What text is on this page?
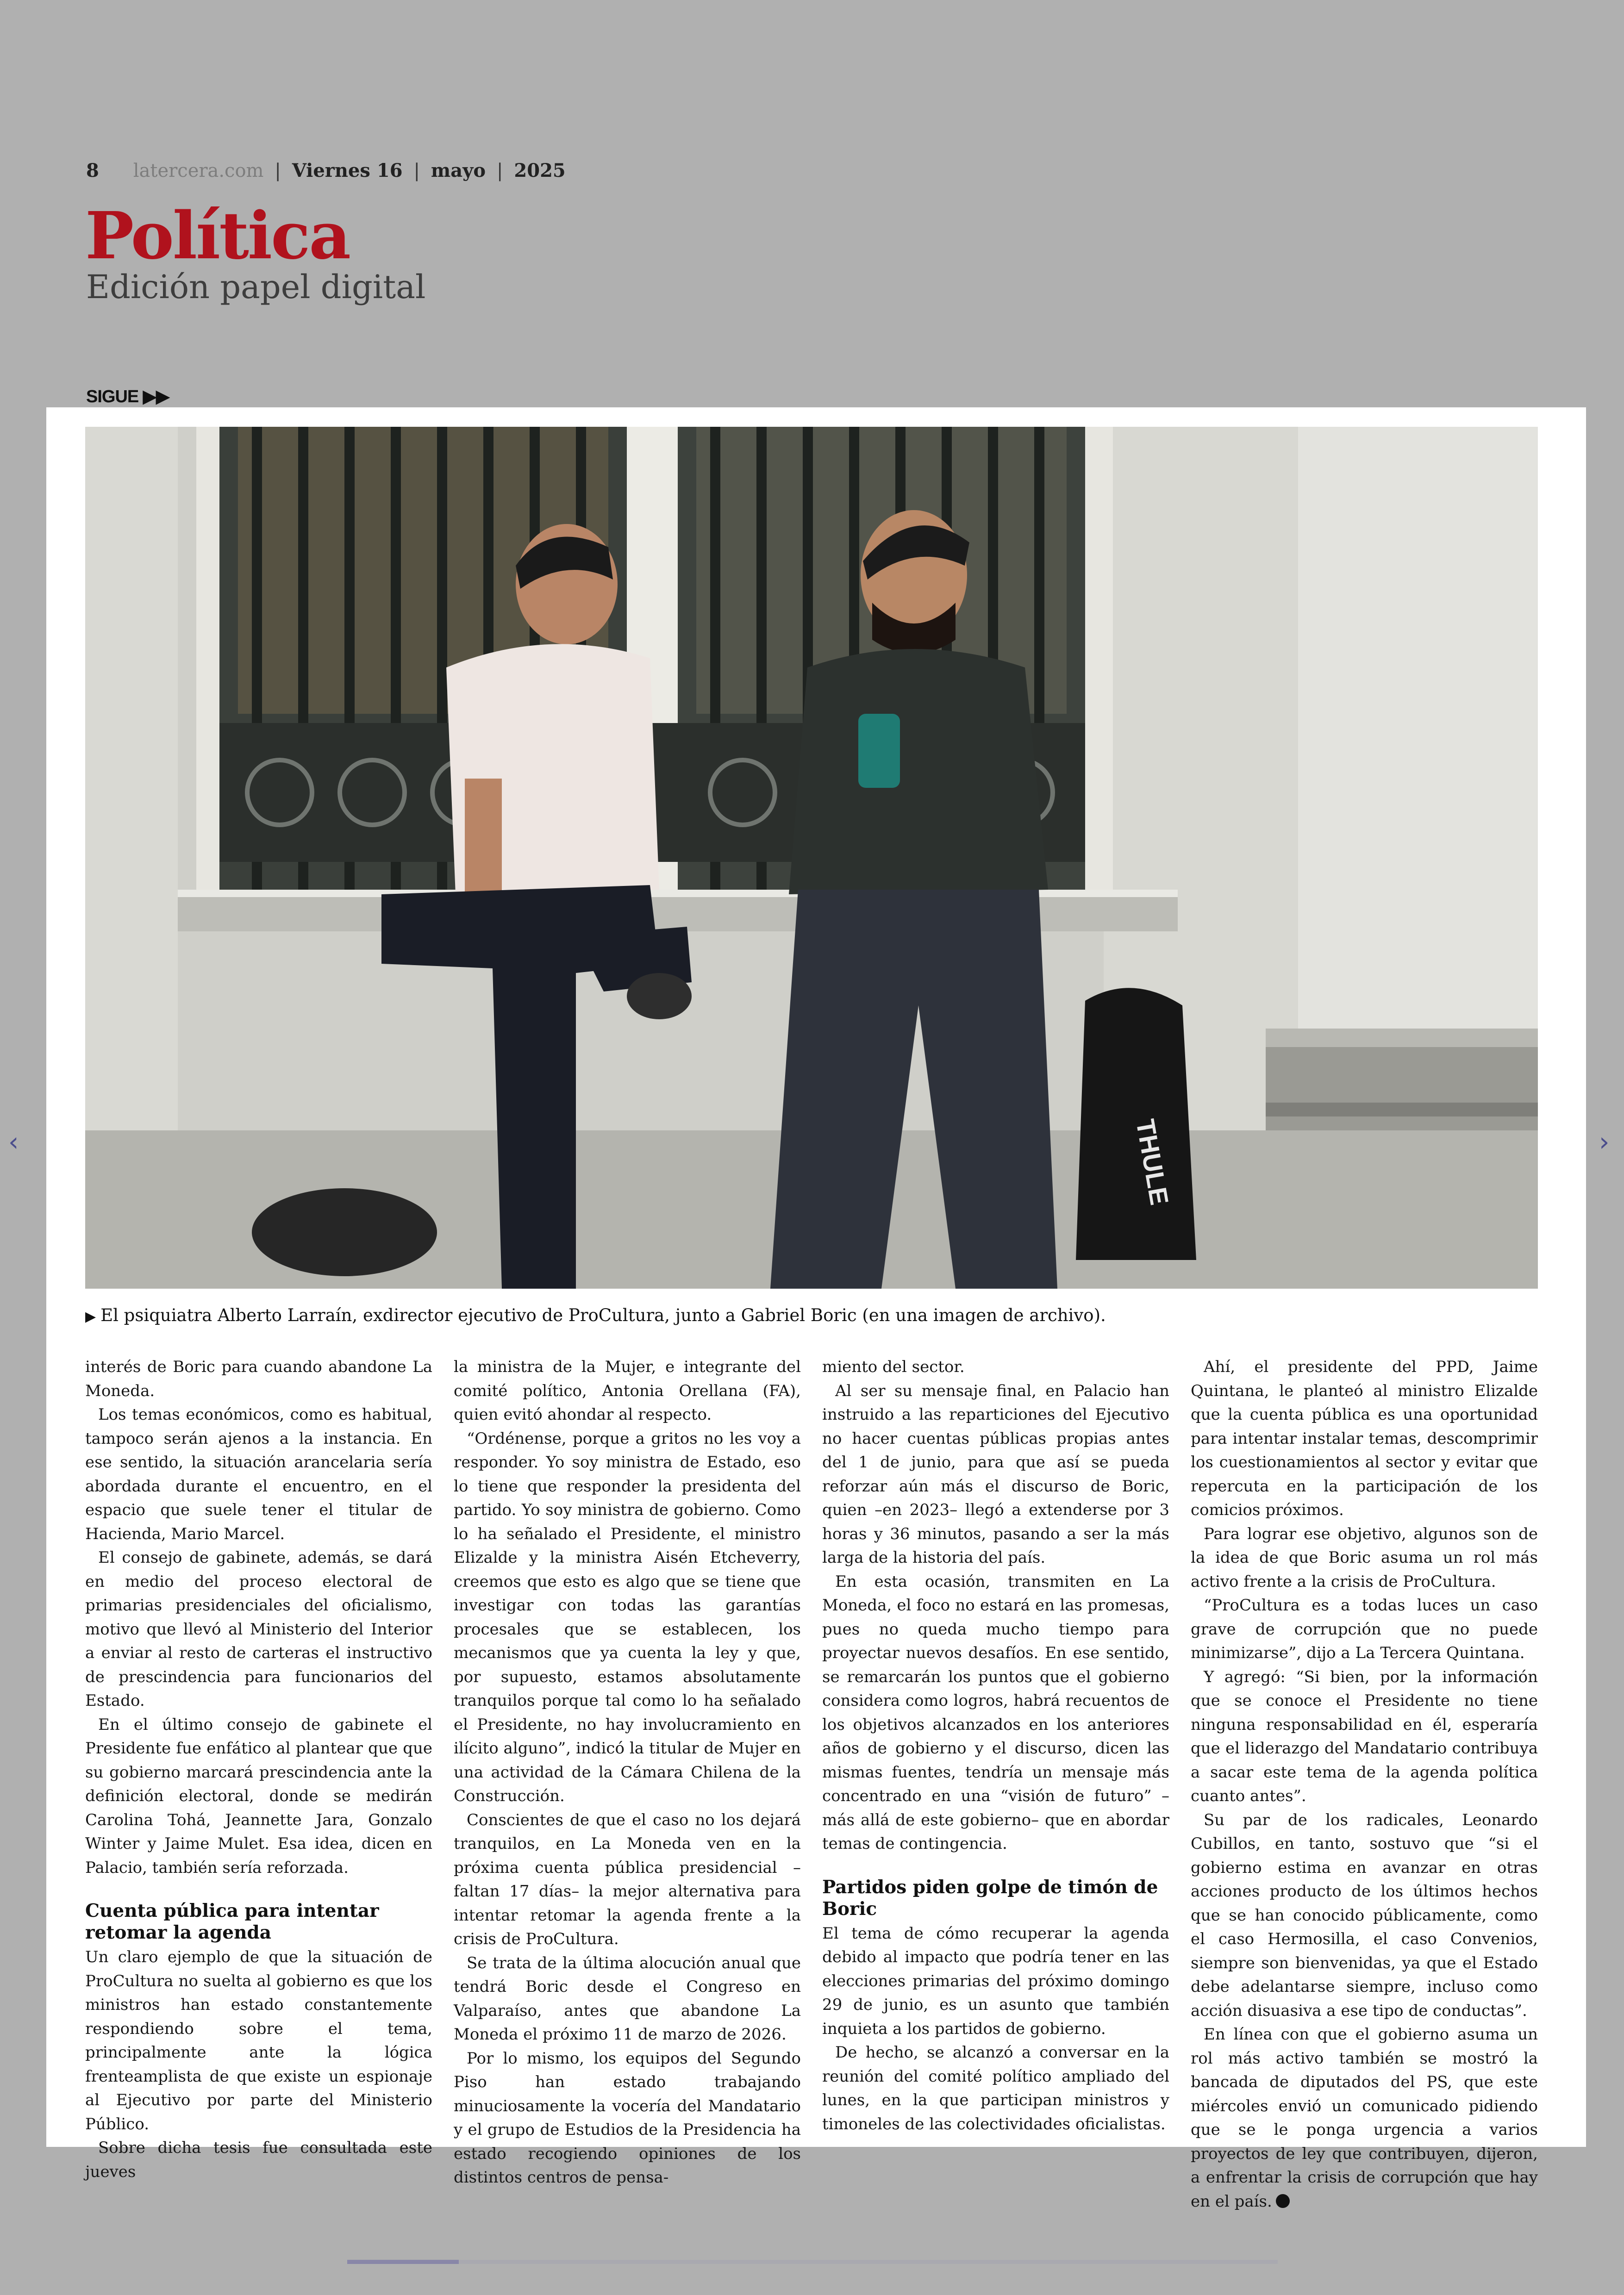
8 latercera.com | Viernes 16 | mayo | 2025
Política
Edición papel digital
SIGUE ▶▶
THULE
▶ El psiquiatra Alberto Larraín, exdirector ejecutivo de ProCultura, junto a Gabriel Boric (en una imagen de archivo).

interés de Boric para cuando abandone La Moneda.

Los temas económicos, como es habitual, tampoco serán ajenos a la instancia. En ese sentido, la situación arancelaria sería abordada durante el encuentro, en el espacio que suele tener el titular de Hacienda, Mario Marcel.

El consejo de gabinete, además, se dará en medio del proceso electoral de primarias presidenciales del oficialismo, motivo que llevó al Ministerio del Interior a enviar al resto de carteras el instructivo de prescindencia para funcionarios del Estado.

En el último consejo de gabinete el Presidente fue enfático al plantear que que su gobierno marcará prescindencia ante la definición electoral, donde se medirán Carolina Tohá, Jeannette Jara, Gonzalo Winter y Jaime Mulet. Esa idea, dicen en Palacio, también sería reforzada.

Cuenta pública para intentar retomar la agenda

Un claro ejemplo de que la situación de ProCultura no suelta al gobierno es que los ministros han estado constantemente respondiendo sobre el tema, principalmente ante la lógica frenteamplista de que existe un espionaje al Ejecutivo por parte del Ministerio Público.

Sobre dicha tesis fue consultada este jueves

la ministra de la Mujer, e integrante del comité político, Antonia Orellana (FA), quien evitó ahondar al respecto.

“Ordénense, porque a gritos no les voy a responder. Yo soy ministra de Estado, eso lo tiene que responder la presidenta del partido. Yo soy ministra de gobierno. Como lo ha señalado el Presidente, el ministro Elizalde y la ministra Aisén Etcheverry, creemos que esto es algo que se tiene que investigar con todas las garantías procesales que se establecen, los mecanismos que ya cuenta la ley y que, por supuesto, estamos absolutamente tranquilos porque tal como lo ha señalado el Presidente, no hay involucramiento en ilícito alguno”, indicó la titular de Mujer en una actividad de la Cámara Chilena de la Construcción.

Conscientes de que el caso no los dejará tranquilos, en La Moneda ven en la próxima cuenta pública presidencial –faltan 17 días– la mejor alternativa para intentar retomar la agenda frente a la crisis de ProCultura.

Se trata de la última alocución anual que tendrá Boric desde el Congreso en Valparaíso, antes que abandone La Moneda el próximo 11 de marzo de 2026.

Por lo mismo, los equipos del Segundo Piso han estado trabajando minuciosamente la vocería del Mandatario y el grupo de Estudios de la Presidencia ha estado recogiendo opiniones de los distintos centros de pensa-

miento del sector.

Al ser su mensaje final, en Palacio han instruido a las reparticiones del Ejecutivo no hacer cuentas públicas propias antes del 1 de junio, para que así se pueda reforzar aún más el discurso de Boric, quien –en 2023– llegó a extenderse por 3 horas y 36 minutos, pasando a ser la más larga de la historia del país.

En esta ocasión, transmiten en La Moneda, el foco no estará en las promesas, pues no queda mucho tiempo para proyectar nuevos desafíos. En ese sentido, se remarcarán los puntos que el gobierno considera como logros, habrá recuentos de los objetivos alcanzados en los anteriores años de gobierno y el discurso, dicen las mismas fuentes, tendría un mensaje más concentrado en una “visión de futuro” –más allá de este gobierno– que en abordar temas de contingencia.

Partidos piden golpe de timón de Boric

El tema de cómo recuperar la agenda debido al impacto que podría tener en las elecciones primarias del próximo domingo 29 de junio, es un asunto que también inquieta a los partidos de gobierno.

De hecho, se alcanzó a conversar en la reunión del comité político ampliado del lunes, en la que participan ministros y timoneles de las colectividades oficialistas.

Ahí, el presidente del PPD, Jaime Quintana, le planteó al ministro Elizalde que la cuenta pública es una oportunidad para intentar instalar temas, descomprimir los cuestionamientos al sector y evitar que repercuta en la participación de los comicios próximos.

Para lograr ese objetivo, algunos son de la idea de que Boric asuma un rol más activo frente a la crisis de ProCultura.

“ProCultura es a todas luces un caso grave de corrupción que no puede minimizarse”, dijo a La Tercera Quintana.

Y agregó: “Si bien, por la información que se conoce el Presidente no tiene ninguna responsabilidad en él, esperaría que el liderazgo del Mandatario contribuya a sacar este tema de la agenda política cuanto antes”.

Su par de los radicales, Leonardo Cubillos, en tanto, sostuvo que “si el gobierno estima en avanzar en otras acciones producto de los últimos hechos que se han conocido públicamente, como el caso Hermosilla, el caso Convenios, siempre son bienvenidas, ya que el Estado debe adelantarse siempre, incluso como acción disuasiva a ese tipo de conductas”.

En línea con que el gobierno asuma un rol más activo también se mostró la bancada de diputados del PS, que este miércoles envió un comunicado pidiendo que se le ponga urgencia a varios proyectos de ley que contribuyen, dijeron, a enfrentar la crisis de corrupción que hay en el país.

‹	›
